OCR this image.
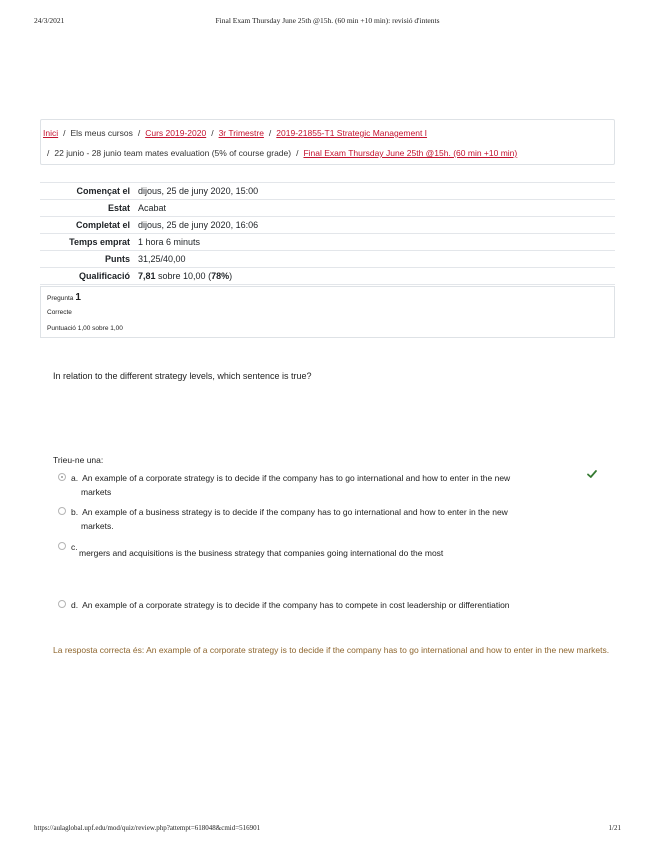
24/3/2021	Final Exam Thursday June 25th @15h. (60 min +10 min): revisió d'intents
Inici / Els meus cursos / Curs 2019-2020 / 3r Trimestre / 2019-21855-T1 Strategic Management I
/ 22 junio - 28 junio team mates evaluation (5% of course grade) / Final Exam Thursday June 25th @15h. (60 min +10 min)
Començat el	dijous, 25 de juny 2020, 15:00
Estat	Acabat
Completat el	dijous, 25 de juny 2020, 16:06
Temps emprat	1 hora 6 minuts
Punts	31,25/40,00
Qualificació	7,81 sobre 10,00 (78%)
Pregunta 1
Correcte
Puntuació 1,00 sobre 1,00
In relation to the different strategy levels, which sentence is true?
Trieu-ne una:
a. An example of a corporate strategy is to decide if the company has to go international and how to enter in the new
markets
b. An example of a business strategy is to decide if the company has to go international and how to enter in the new
markets.
c.
mergers and acquisitions is the business strategy that companies going international do the most
d. An example of a corporate strategy is to decide if the company has to compete in cost leadership or differentiation
La resposta correcta és: An example of a corporate strategy is to decide if the company has to go international and how to enter in the new markets.
https://aulaglobal.upf.edu/mod/quiz/review.php?attempt=618048&cmid=516901	1/21
